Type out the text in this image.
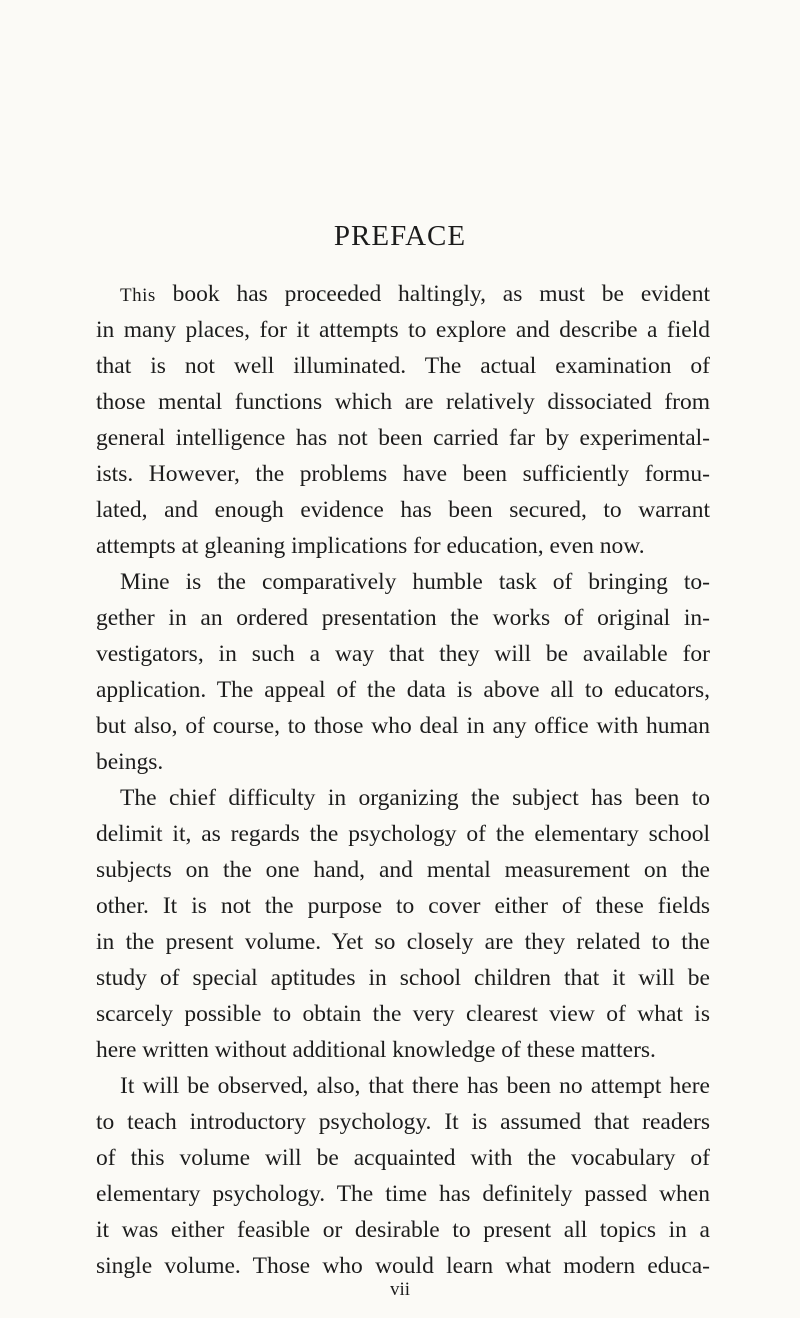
PREFACE
This book has proceeded haltingly, as must be evident
in many places, for it attempts to explore and describe a field
that is not well illuminated. The actual examination of
those mental functions which are relatively dissociated from
general intelligence has not been carried far by experimental-
ists. However, the problems have been sufficiently formu-
lated, and enough evidence has been secured, to warrant
attempts at gleaning implications for education, even now.
Mine is the comparatively humble task of bringing to-
gether in an ordered presentation the works of original in-
vestigators, in such a way that they will be available for
application. The appeal of the data is above all to educators,
but also, of course, to those who deal in any office with human
beings.
The chief difficulty in organizing the subject has been to
delimit it, as regards the psychology of the elementary school
subjects on the one hand, and mental measurement on the
other. It is not the purpose to cover either of these fields
in the present volume. Yet so closely are they related to the
study of special aptitudes in school children that it will be
scarcely possible to obtain the very clearest view of what is
here written without additional knowledge of these matters.
It will be observed, also, that there has been no attempt here
to teach introductory psychology. It is assumed that readers
of this volume will be acquainted with the vocabulary of
elementary psychology. The time has definitely passed when
it was either feasible or desirable to present all topics in a
single volume. Those who would learn what modern educa-
vii
